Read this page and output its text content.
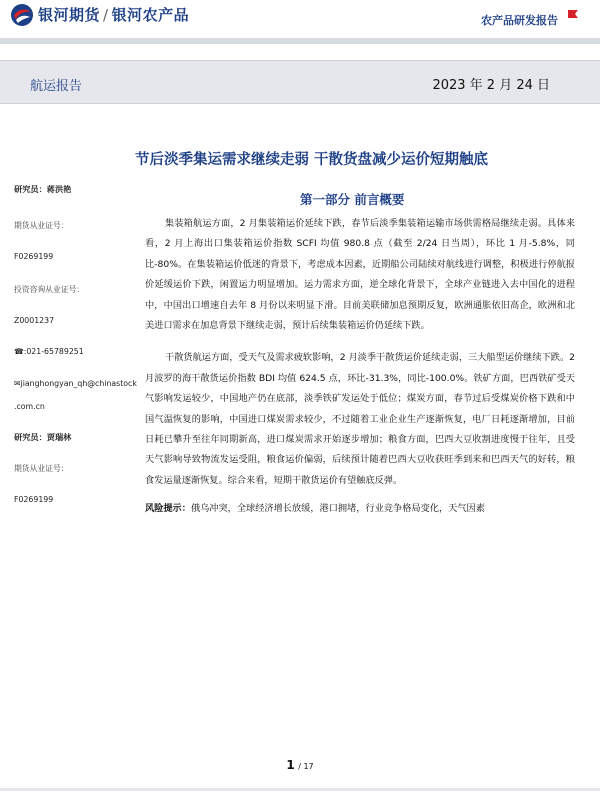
银河期货 / 银河农产品	农产品研发报告
航运报告	2023 年 2 月 24 日
节后淡季集运需求继续走弱 干散货盘减少运价短期触底
第一部分 前言概要
研究员：蒋洪艳
期货从业证号：
F0269199
投资咨询从业证号：
Z0001237
☎:021-65789251
✉jianghongyan_qh@chinastock
.com.cn
研究员：贾瑞林
期货从业证号：
F0269199

集装箱航运方面，2 月集装箱运价延续下跌，春节后淡季集装箱运输市场供需格局继续走弱。具体来看，2 月上海出口集装箱运价指数 SCFI 均值 980.8 点（截至 2/24 日当周），环比 1 月-5.8%，同比-80%。在集装箱运价低迷的背景下，考虑成本因素，近期船公司陆续对航线进行调整，积极进行停航报价延缓运价下跌，闲置运力明显增加。运力需求方面，逆全球化背景下，全球产业链进入去中国化的进程中，中国出口增速自去年 8 月份以来明显下滑。目前美联储加息预期反复，欧洲通胀依旧高企，欧洲和北美进口需求在加息背景下继续走弱，预计后续集装箱运价仍延续下跌。

干散货航运方面，受天气及需求疲软影响，2 月淡季干散货运价延续走弱，三大船型运价继续下跌。2 月波罗的海干散货运价指数 BDI 均值 624.5 点，环比-31.3%，同比-100.0%。铁矿方面，巴西铁矿受天气影响发运较少，中国地产仍在底部，淡季铁矿发运处于低位；煤炭方面，春节过后受煤炭价格下跌和中国气温恢复的影响，中国进口煤炭需求较少，不过随着工业企业生产逐渐恢复，电厂日耗逐渐增加，目前日耗已攀升至往年同期新高，进口煤炭需求开始逐步增加；粮食方面，巴西大豆收割进度慢于往年，且受天气影响导致物流发运受阻，粮食运价偏弱，后续预计随着巴西大豆收获旺季到来和巴西天气的好转，粮食发运量逐渐恢复。综合来看，短期干散货运价有望触底反弹。

风险提示：俄乌冲突，全球经济增长放缓，港口拥堵，行业竞争格局变化，天气因素
1 / 17
